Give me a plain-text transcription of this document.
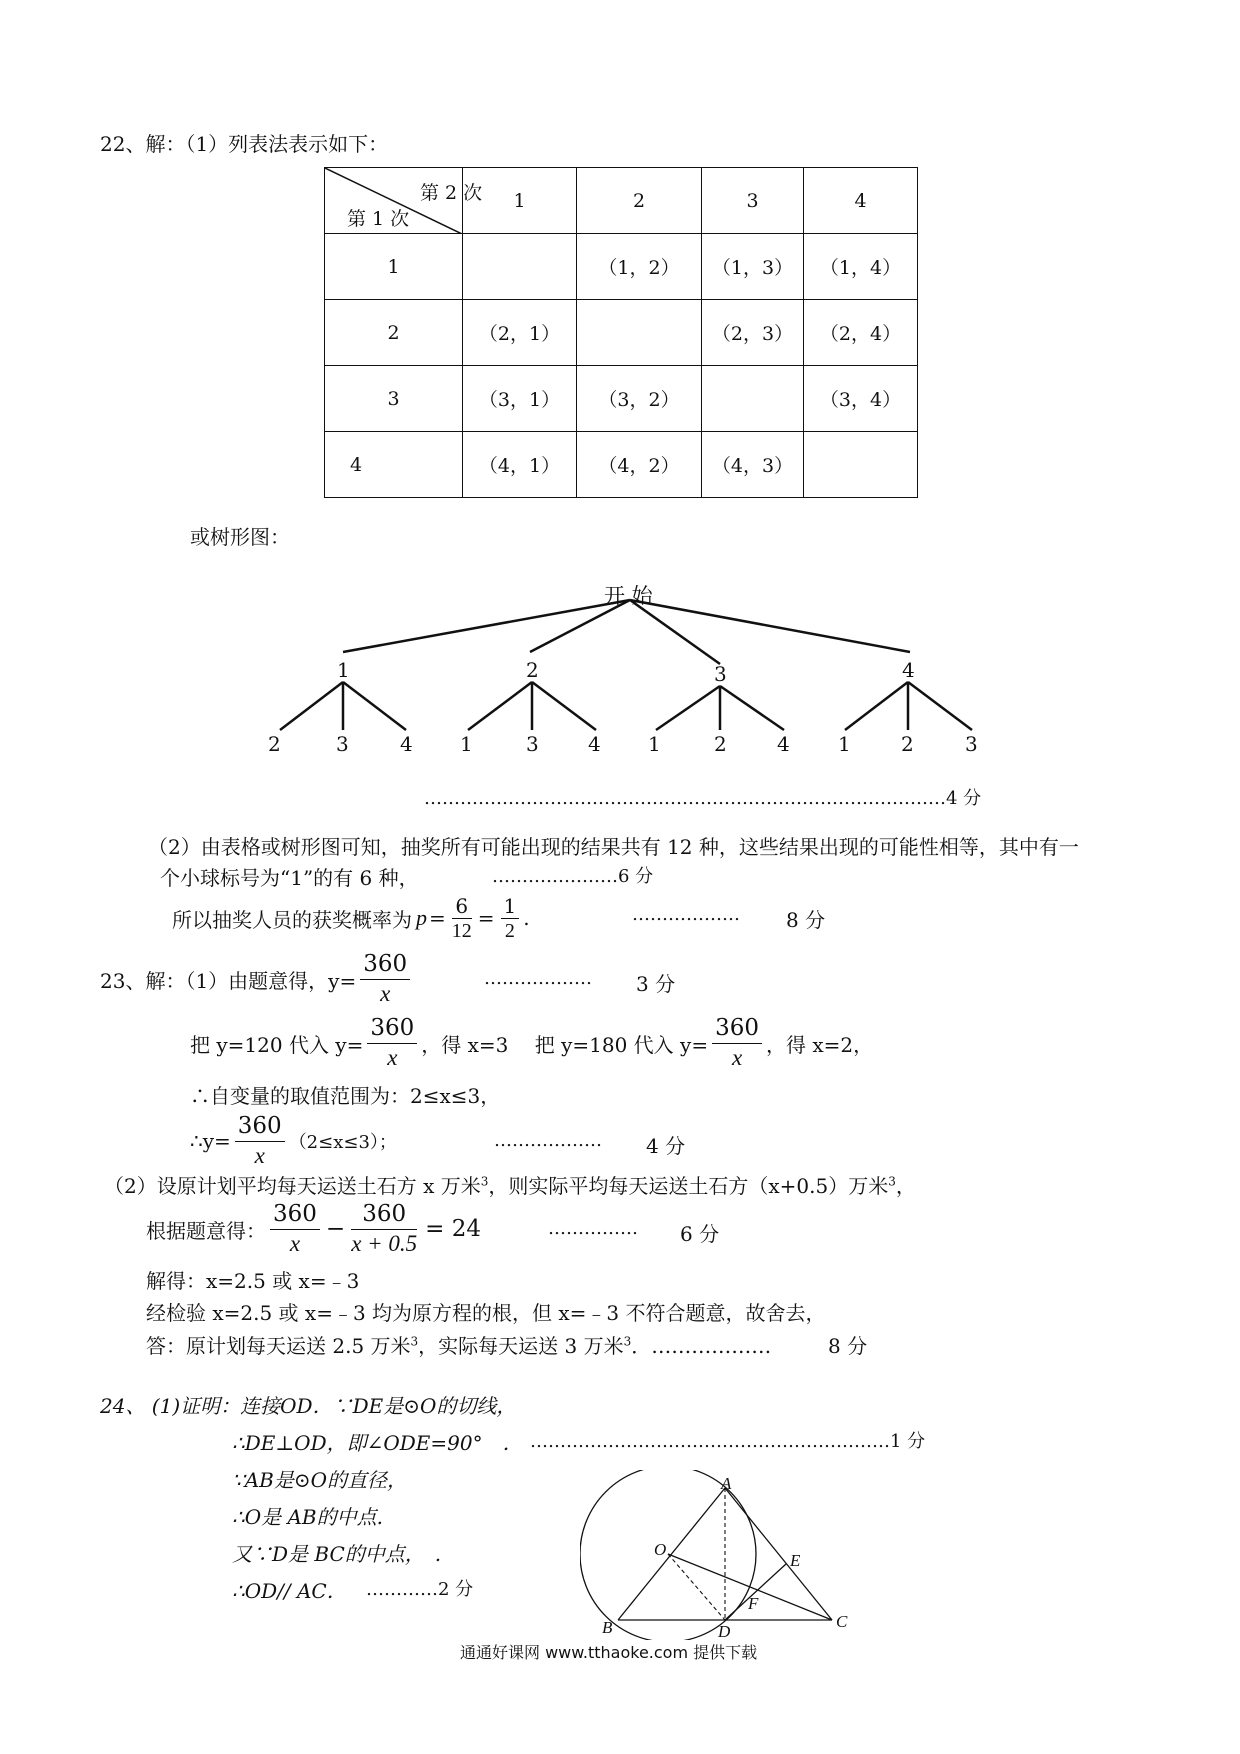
22、解：（1）列表法表示如下：
第 2 次
第 1 次	1	2	3	4
1		（1，2）	（1，3）	（1，4）
2	（2，1）		（2，3）	（2，4）
3	（3，1）	（3，2）		（3，4）
4	（4，1）	（4，2）	（4，3）	
或树形图：
开 始
1	2	3	4
2	3	4 1	3 4 1	2	4 1	2	3
……………………………………………………………………………4 分
（2）由表格或树形图可知，抽奖所有可能出现的结果共有 12 种，这些结果出现的可能性相等，其中有一
个小球标号为“1”的有 6 种，	…………………6 分
所以抽奖人员的获奖概率为 $p = \frac{6}{12} = \frac{1}{2}$ .	……………… 8 分
23、解：（1）由题意得，$y= \frac{360}{x}$	……………… 3 分
把 y=120 代入 $y= \frac{360}{x}$ ，得 x=3　 把 y=180 代入 $y= \frac{360}{x}$ ，得 x=2，
∴自变量的取值范围为：2≤x≤3，
∴y= $\frac{360}{x} (2\le x\le 3)$；	……………… 4 分
（2）设原计划平均每天运送土石方 x 万米$^3$，则实际平均每天运送土石方（x+0.5）万米$^3$，
根据题意得： $\frac{360}{x} - \frac{360}{x + 0.5} = 24$	…………… 6 分
解得：x=2.5 或 x=﹣3
经检验 x=2.5 或 x=﹣3 均为原方程的根，但 x=﹣3 不符合题意，故舍去，
答：原计划每天运送 2.5 万米$^3$，实际每天运送 3 万米$^3$．………………	8 分
24、 (1)证明：连接OD．∵DE是⊙O的切线，
∴DE⊥OD，即∠ODE=90°　． ……………………………………………………1 分
∵AB是⊙O的直径，
∴O是 AB的中点.
又∵D是 BC的中点，　.
∴OD// AC． …………2 分
A
O
E
F
B	D
C
通通好课网 www.tthaoke.com 提供下载
